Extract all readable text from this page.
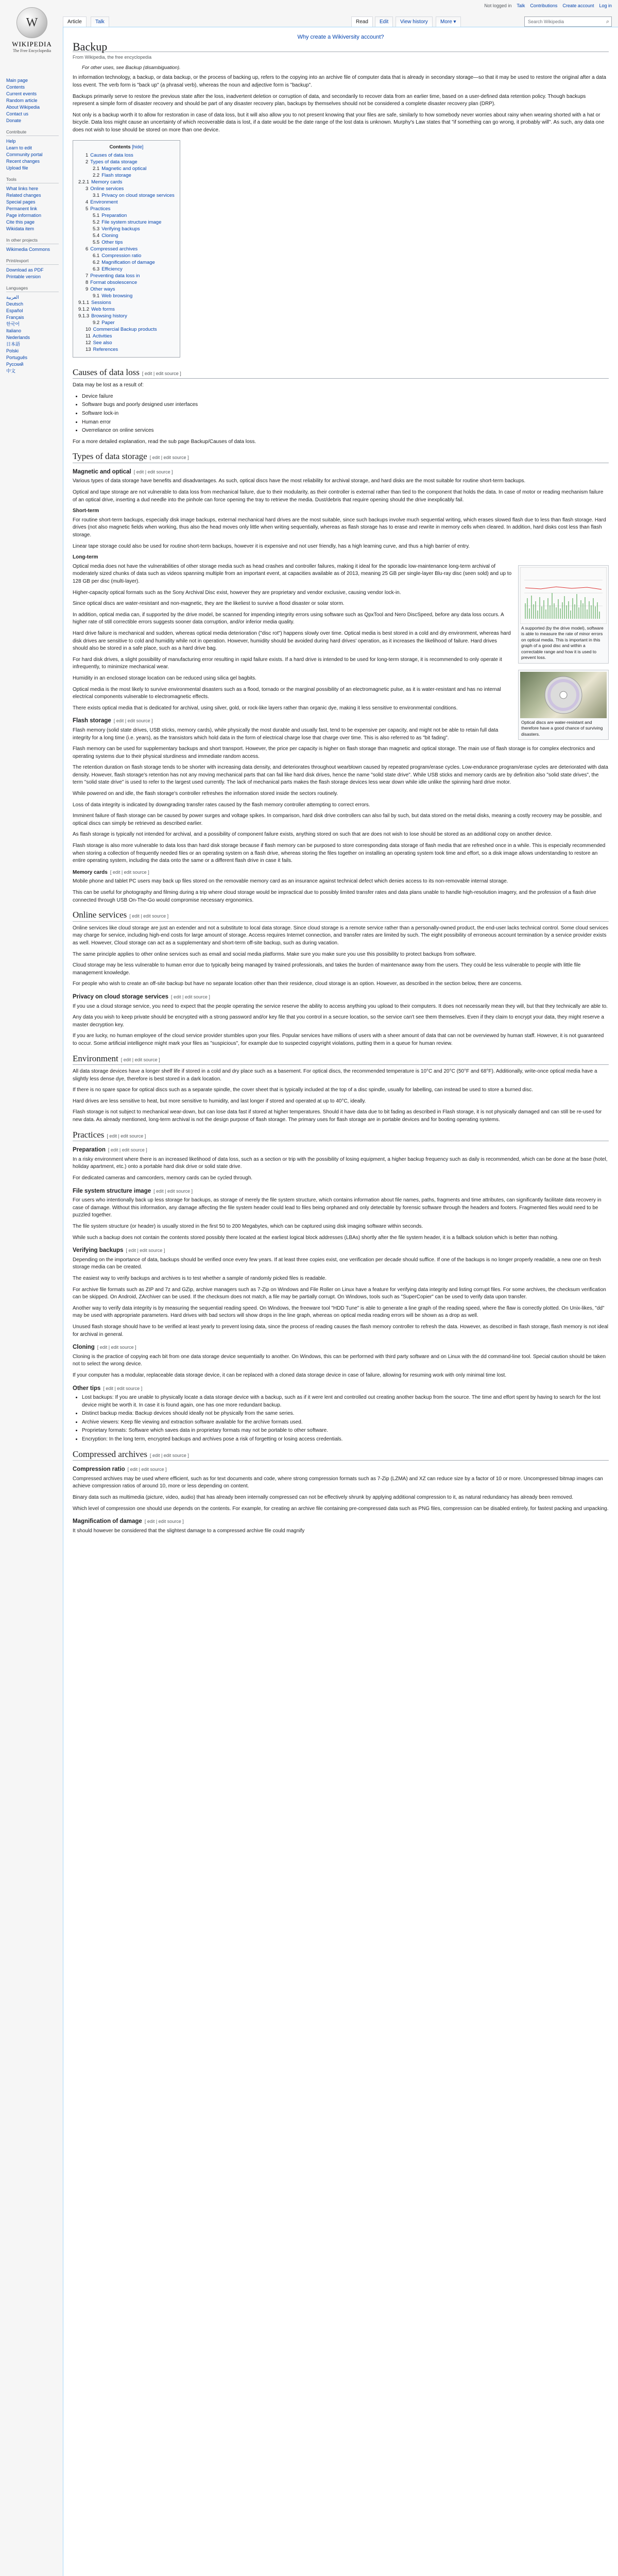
Not logged in Talk Contributions Create account Log in
W
WIKIPEDIA
The Free Encyclopedia
Main page
Contents
Current events
Random article
About Wikipedia
Contact us
Donate
Contribute
Help
Learn to edit
Community portal
Recent changes
Upload file
Tools
What links here
Related changes
Special pages
Permanent link
Page information
Cite this page
Wikidata item
In other projects
Wikimedia Commons
Print/export
Download as PDF
Printable version
Languages
العربية
Deutsch
Español
Français
한국어
Italiano
Nederlands
日本語
Polski
Português
Русский
中文
Article	Talk	Read	Edit	View history	More ▾	Search Wikipedia	⌕
Why create a Wikiversity account?
Backup
From Wikipedia, the free encyclopedia
For other uses, see Backup (disambiguation).

In information technology, a backup, or data backup, or the process of backing up, refers to the copying into an archive file of computer data that is already in secondary storage—so that it may be used to restore the original after a data loss event. The verb form is "back up" (a phrasal verb), whereas the noun and adjective form is "backup".

Backups primarily serve to restore the previous state after the loss, inadvertent deletion or corruption of data, and secondarily to recover data from an earlier time, based on a user-defined data retention policy. Though backups represent a simple form of disaster recovery and should be part of any disaster recovery plan, backups by themselves should not be considered a complete disaster recovery plan (DRP).

Not only is a backup worth it to allow for restoration in case of data loss, but it will also allow you to not present knowing that your files are safe, similarly to how somebody never worries about rainy when wearing shorted with a hat or bicycle. Data loss might cause an uncertainty of which recoverable data is lost, if a date would be the date range of the lost data is unknown. Murphy's Law states that "if something can go wrong, it probably will". As such, any data one does not wish to lose should be stored on more than one device.

Contents [hide]
1 Causes of data loss
2 Types of data storage
2.1 Magnetic and optical
2.2 Flash storage
2.2.1 Memory cards
3 Online services
3.1 Privacy on cloud storage services
4 Environment
5 Practices
5.1 Preparation
5.2 File system structure image
5.3 Verifying backups
5.4 Cloning
5.5 Other tips
6 Compressed archives
6.1 Compression ratio
6.2 Magnification of damage
6.3 Efficiency
7 Preventing data loss in
8 Format obsolescence
9 Other ways
9.1 Web browsing
9.1.1 Sessions
9.1.2 Web forms
9.1.3 Browsing history
9.2 Paper
10 Commercial Backup products
11 Activities
12 See also
13 References
Causes of data loss [ edit | edit source ]

Data may be lost as a result of:

• Device failure
• Software bugs and poorly designed user interfaces
• Software lock-in
• Human error
• Overreliance on online services

For a more detailed explanation, read the sub page Backup/Causes of data loss.

Types of data storage [ edit | edit source ]
Magnetic and optical [ edit | edit source ]

Various types of data storage have benefits and disadvantages. As such, optical discs have the most reliability for archival storage, and hard disks are the most suitable for routine short-term backups.

Optical and tape storage are not vulnerable to data loss from mechanical failure, due to their modularity, as their controller is external rather than tied to the component that holds the data. In case of motor or reading mechanism failure of an optical drive, inserting a dud needle into the pinhole can force opening the tray to retrieve the media. Dust/debris that require opening should the drive inexplicably fail.

Short-term

For routine short-term backups, especially disk image backups, external mechanical hard drives are the most suitable, since such backups involve much sequential writing, which erases slowed flash due to less than flash storage. Hard drives (not also magnetic fields when working, thus also the head moves only little when writing sequentially, whereas as flash storage has to erase and rewrite in memory cells when cleared. In addition, hard disks cost less than flash storage.

Linear tape storage could also be used for routine short-term backups, however it is expensive and not user friendly, has a high learning curve, and thus a high barrier of entry.

Long-term
A supported (by the drive model), software is able to measure the rate of minor errors on optical media. This is important in this graph of a good disc and within a correctable range and how it is used to prevent loss.
Optical discs are water-resistant and therefore have a good chance of surviving disasters.

Optical media does not have the vulnerabilities of other storage media such as head crashes and controller failures, making it ideal for the sporadic low-maintenance long-term archival of moderately sized chunks of data such as videos spanning multiple from an important event, at capacities available as of 2013, meaning 25 GB per single-layer Blu-ray disc (seen sold) and up to 128 GB per disc (multi-layer).

Higher-capacity optical formats such as the Sony Archival Disc exist, however they are proprietary and vendor exclusive, causing vendor lock-in.

Since optical discs are water-resistant and non-magnetic, they are the likeliest to survive a flood disaster or solar storm.

In addition, optical media can, if supported by the drive model, be scanned for impending integrity errors using software such as QpxTool and Nero DiscSpeed, before any data loss occurs. A higher rate of still correctible errors suggests sooner data corruption, and/or inferior media quality.

Hard drive failure is mechanical and sudden, whereas optical media deterioration ("disc rot") happens slowly over time. Optical media is best stored in a cold and dry environment, whereas hard disk drives are sensitive to cold and humidity while not in operation. However, humidity should be avoided during hard drives' operation, as it increases the likelihood of failure. Hard drives should also be stored in a safe place, such as a hard drive bag.

For hard disk drives, a slight possibility of manufacturing error resulting in rapid failure exists. If a hard drive is intended to be used for long-term storage, it is recommended to only operate it infrequently, to minimize mechanical wear.

Humidity in an enclosed storage location can be reduced using silica gel bagbits.

Optical media is the most likely to survive environmental disasters such as a flood, tornado or the marginal possibility of an electromagnetic pulse, as it is water-resistant and has no internal electrical components vulnerable to electromagnetic effects.

There exists optical media that is dedicated for archival, using silver, gold, or rock-like layers rather than organic dye, making it less sensitive to environmental conditions.

Flash storage [ edit | edit source ]

Flash memory (solid state drives, USB sticks, memory cards), while physically the most durable and usually fast, tend to be expensive per capacity, and might not be able to retain full data integrity for a long time (i.e. years), as the transistors which hold data in the form of electrical charge lose that charge over time. This is also referred to as "bit fading".

Flash memory can be used for supplementary backups and short transport. However, the price per capacity is higher on flash storage than magnetic and optical storage. The main use of flash storage is for complex electronics and operating systems due to their physical sturdiness and immediate random access.

The retention duration on flash storage tends to be shorter with increasing data density, and deteriorates throughout wearblown caused by repeated program/erase cycles. Low-endurance program/erase cycles are deteriorated with data density. However, flash storage's retention has not any moving mechanical parts that can fail like hard disk drives, hence the name "solid state drive". While USB sticks and memory cards are by definition also "solid state drives", the term "solid state drive" is used to refer to the largest used currently. The lack of mechanical parts makes the flash storage devices less wear down while idle unlike the spinning hard drive motor.

While powered on and idle, the flash storage's controller refreshes the information stored inside the sectors routinely.

Loss of data integrity is indicated by downgrading transfer rates caused by the flash memory controller attempting to correct errors.

Imminent failure of flash storage can be caused by power surges and voltage spikes. In comparison, hard disk drive controllers can also fail by such, but data stored on the metal disks, meaning a costly recovery may be possible, and optical discs can simply be retrieved as described earlier.

As flash storage is typically not intended for archival, and a possibility of component failure exists, anything stored on such that are does not wish to lose should be stored as an additional copy on another device.

Flash storage is also more vulnerable to data loss than hard disk storage because if flash memory can be purposed to store corresponding data storage of flash media that are refreshed once in a while. This is especially recommended when storing a collection of frequently needed files or an operating system on a flash drive, whereas storing the files together on installing an operating system took time and effort, so a disk image allows understanding to restore an entire operating system, including the data onto the same or a different flash drive in case it fails.

Memory cards [ edit | edit source ]

Mobile phone and tablet PC users may back up files stored on the removable memory card as an insurance against technical defect which denies access to its non-removable internal storage.

This can be useful for photography and filming during a trip where cloud storage would be impractical due to possibly limited transfer rates and data plans unable to handle high-resolution imagery, and the profession of a flash drive connected through USB On-The-Go would compromise necessary ergonomics.

Online services [ edit | edit source ]

Online services like cloud storage are just an extender and not a substitute to local data storage. Since cloud storage is a remote service rather than a personally-owned product, the end-user lacks technical control. Some cloud services may charge for service, including high-end costs for large amount of storage. Access requires Internet connection, and transfer rates are limited by such. The eight possibility of erroneous account termination by a service provider exists as well. However, Cloud storage can act as a supplementary and short-term off-site backup, such as during vacation.

The same principle applies to other online services such as email and social media platforms. Make sure you make sure you use this possibility to protect backups from software.

Cloud storage may be less vulnerable to human error due to typically being managed by trained professionals, and takes the burden of maintenance away from the users. They could be less vulnerable to people with little file management knowledge.

For people who wish to create an off-site backup but have no separate location other than their residence, cloud storage is an option. However, as described in the section below, there are concerns.

Privacy on cloud storage services [ edit | edit source ]

If you use a cloud storage service, you need to expect that the people operating the service reserve the ability to access anything you upload to their computers. It does not necessarily mean they will, but that they technically are able to.

Any data you wish to keep private should be encrypted with a strong password and/or key file that you control in a secure location, so the service can't see them themselves. Even if they claim to encrypt your data, they might reserve a master decryption key.

If you are lucky, no human employee of the cloud service provider stumbles upon your files. Popular services have millions of users with a sheer amount of data that can not be overviewed by human staff. However, it is not guaranteed to occur. Some artificial intelligence might mark your files as "suspicious", for example due to suspected copyright violations, putting them in a queue for human review.

Environment [ edit | edit source ]

All data storage devices have a longer shelf life if stored in a cold and dry place such as a basement. For optical discs, the recommended temperature is 10°C and 20°C (50°F and 68°F). Additionally, write-once optical media have a slightly less dense dye, therefore is best stored in a dark location.

If there is no spare space for optical discs such as a separate spindle, the cover sheet that is typically included at the top of a disc spindle, usually for labelling, can instead be used to store a burned disc.

Hard drives are less sensitive to heat, but more sensitive to humidity, and last longer if stored and operated at up to 40°C, ideally.

Flash storage is not subject to mechanical wear-down, but can lose data fast if stored at higher temperatures. Should it have data due to bit fading as described in Flash storage, it is not physically damaged and can still be re-used for new data. As already mentioned, long-term archival is not the design purpose of flash storage. The primary uses for flash storage are in portable devices and for booting operating systems.

Practices [ edit | edit source ]
Preparation [ edit | edit source ]

In a risky environment where there is an increased likelihood of data loss, such as a section or trip with the possibility of losing equipment, a higher backup frequency such as daily is recommended, which can be done at the base (hotel, holiday apartment, etc.) onto a portable hard disk drive or solid state drive.

For dedicated cameras and camcorders, memory cards can be cycled through.

File system structure image [ edit | edit source ]

For users who intentionally back up less storage for backups, as storage of merely the file system structure, which contains information about file names, paths, fragments and time attributes, can significantly facilitate data recovery in case of damage. Without this information, any damage affecting the file system header could lead to files being orphaned and only detectable by forensic software through the headers and footers. Fragmented files would need to be puzzled together.

The file system structure (or header) is usually stored in the first 50 to 200 Megabytes, which can be captured using disk imaging software within seconds.

While such a backup does not contain the contents stored possibly there located at the earliest logical block addresses (LBAs) shortly after the file system header, it is a fallback solution which is better than nothing.

Verifying backups [ edit | edit source ]

Depending on the importance of data, backups should be verified once every few years. If at least three copies exist, one verification per decade should suffice. If one of the backups is no longer properly readable, a new one on fresh storage media can be created.

The easiest way to verify backups and archives is to test whether a sample of randomly picked files is readable.

For archive file formats such as ZIP and 7z and GZip, archive managers such as 7-Zip on Windows and File Roller on Linux have a feature for verifying data integrity and listing corrupt files. For some archives, the checksum verification can be skipped. On Android, ZArchiver can be used. If the checksum does not match, a file may be partially corrupt. On Windows, tools such as "SuperCopier" can be used to verify data upon transfer.

Another way to verify data integrity is by measuring the sequential reading speed. On Windows, the freeware tool "HDD Tune" is able to generate a line graph of the reading speed, where the flaw is correctly plotted. On Unix-likes, "dd" may be used with appropriate parameters. Hard drives with bad sectors will show drops in the line graph, whereas on optical media reading errors will be shown as a drop as well.

Unused flash storage should have to be verified at least yearly to prevent losing data, since the process of reading causes the flash memory controller to refresh the data. However, as described in flash storage, flash memory is not ideal for archival in general.

Cloning [ edit | edit source ]

Cloning is the practice of copying each bit from one data storage device sequentially to another. On Windows, this can be performed with third party software and on Linux with the dd command-line tool. Special caution should be taken not to select the wrong device.

If your computer has a modular, replaceable data storage device, it can be replaced with a cloned data storage device in case of failure, allowing for resuming work with only minimal time lost.

Other tips [ edit | edit source ]
• Lost backups: If you are unable to physically locate a data storage device with a backup, such as if it were lent and controlled out creating another backup from the source. The time and effort spent by having to search for the lost device might be worth it. In case it is found again, one has one more redundant backup.
• Distinct backup media: Backup devices should ideally not be physically from the same series.
• Archive viewers: Keep file viewing and extraction software available for the archive formats used.
• Proprietary formats: Software which saves data in proprietary formats may not be portable to other software.
• Encryption: In the long term, encrypted backups and archives pose a risk of forgetting or losing access credentials.
Compressed archives [ edit | edit source ]
Compression ratio [ edit | edit source ]

Compressed archives may be used where efficient, such as for text documents and code, where strong compression formats such as 7-Zip (LZMA) and XZ can reduce size by a factor of 10 or more. Uncompressed bitmap images can achieve compression ratios of around 10, more or less depending on content.

Binary data such as multimedia (picture, video, audio) that has already been internally compressed can not be effectively shrunk by applying additional compression to it, as natural redundancy has already been removed.

Which level of compression one should use depends on the contents. For example, for creating an archive file containing pre-compressed data such as PNG files, compression can be disabled entirely, for fastest packing and unpacking.

Magnification of damage [ edit | edit source ]

It should however be considered that the slightest damage to a compressed archive file could magnify
